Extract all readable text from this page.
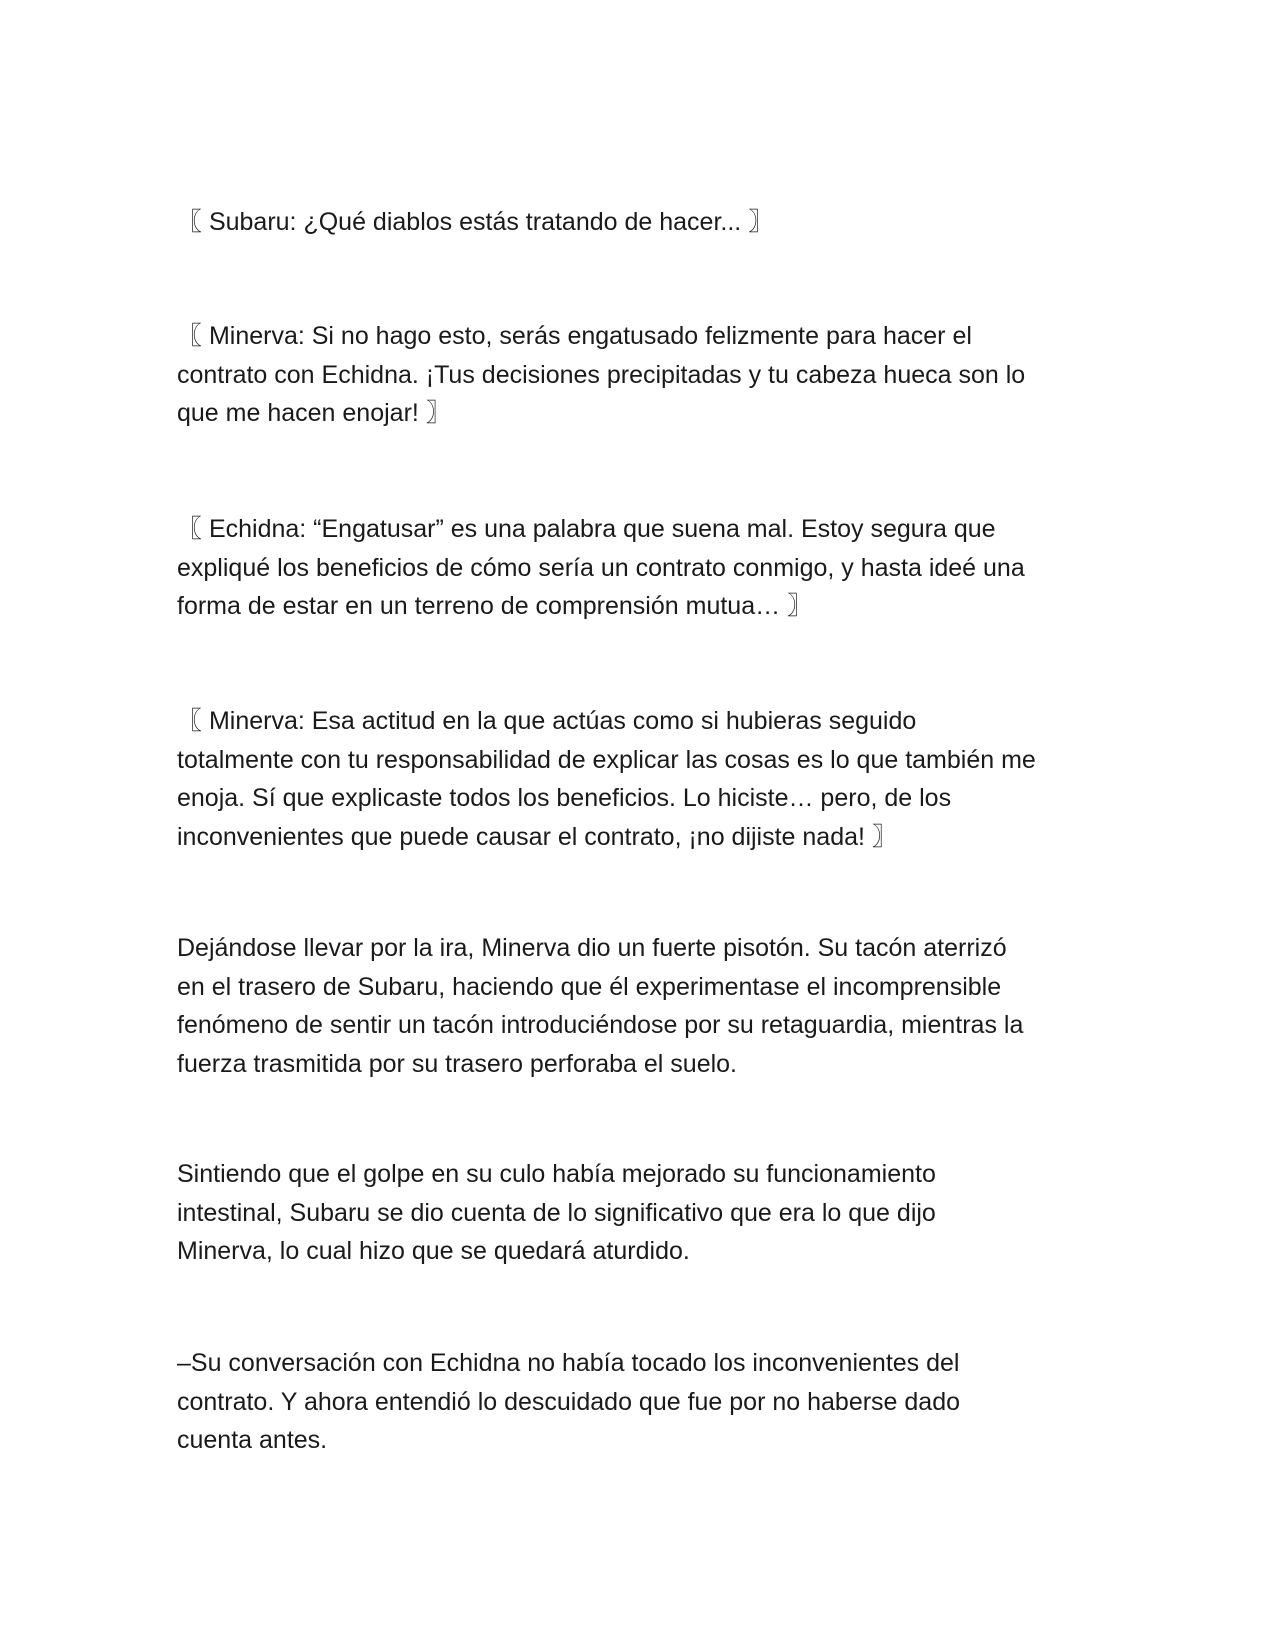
〖 Subaru: ¿Qué diablos estás tratando de hacer... 〗

〖 Minerva: Si no hago esto, serás engatusado felizmente para hacer el
contrato con Echidna. ¡Tus decisiones precipitadas y tu cabeza hueca son lo
que me hacen enojar! 〗

〖 Echidna: “Engatusar” es una palabra que suena mal. Estoy segura que
expliqué los beneficios de cómo sería un contrato conmigo, y hasta ideé una
forma de estar en un terreno de comprensión mutua… 〗

〖 Minerva: Esa actitud en la que actúas como si hubieras seguido
totalmente con tu responsabilidad de explicar las cosas es lo que también me
enoja. Sí que explicaste todos los beneficios. Lo hiciste… pero, de los
inconvenientes que puede causar el contrato, ¡no dijiste nada! 〗

Dejándose llevar por la ira, Minerva dio un fuerte pisotón. Su tacón aterrizó
en el trasero de Subaru, haciendo que él experimentase el incomprensible
fenómeno de sentir un tacón introduciéndose por su retaguardia, mientras la
fuerza trasmitida por su trasero perforaba el suelo.

Sintiendo que el golpe en su culo había mejorado su funcionamiento
intestinal, Subaru se dio cuenta de lo significativo que era lo que dijo
Minerva, lo cual hizo que se quedará aturdido.

–Su conversación con Echidna no había tocado los inconvenientes del
contrato. Y ahora entendió lo descuidado que fue por no haberse dado
cuenta antes.
